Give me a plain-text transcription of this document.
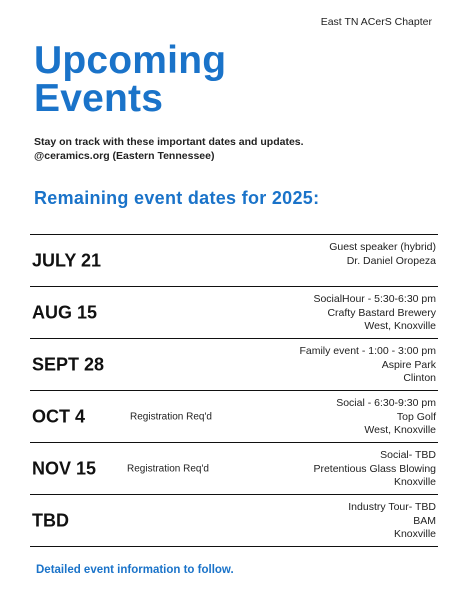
East TN ACerS Chapter
Upcoming
Events
Stay on track with these important dates and updates.
@ceramics.org (Eastern Tennessee)
Remaining event dates for 2025:
JULY 21
Guest speaker (hybrid)
Dr. Daniel Oropeza
AUG 15
SocialHour - 5:30-6:30 pm
Crafty Bastard Brewery
West, Knoxville
SEPT 28
Family event - 1:00 - 3:00 pm
Aspire Park
Clinton
OCT 4	Registration Req'd
Social - 6:30-9:30 pm
Top Golf
West, Knoxville
NOV 15	Registration Req'd
Social- TBD
Pretentious Glass Blowing
Knoxville
TBD
Industry Tour- TBD
BAM
Knoxville
Detailed event information to follow.
